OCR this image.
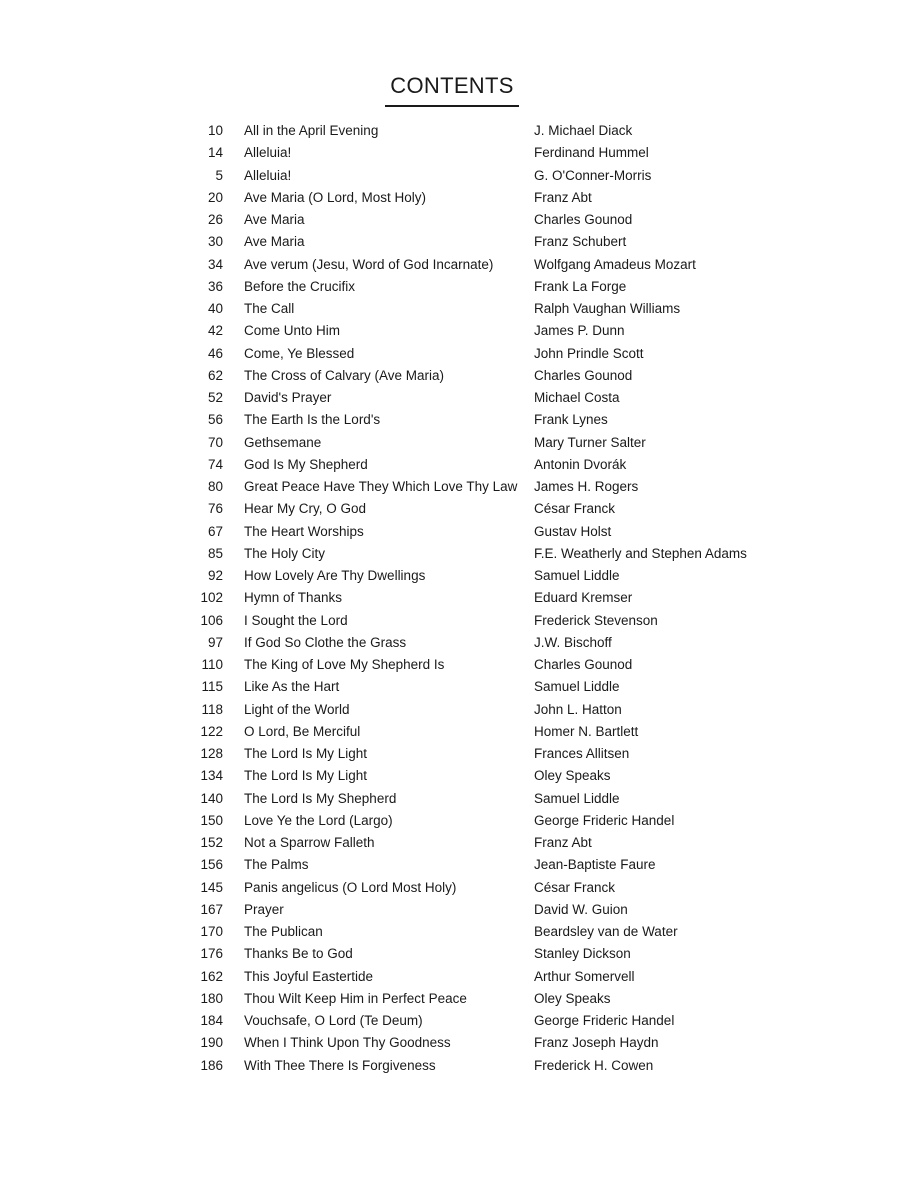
CONTENTS
10 All in the April Evening	J. Michael Diack
14 Alleluia!	Ferdinand Hummel
5 Alleluia!	G. O'Conner-Morris
20 Ave Maria (O Lord, Most Holy)	Franz Abt
26 Ave Maria	Charles Gounod
30 Ave Maria	Franz Schubert
34 Ave verum (Jesu, Word of God Incarnate)	Wolfgang Amadeus Mozart
36 Before the Crucifix	Frank La Forge
40 The Call	Ralph Vaughan Williams
42 Come Unto Him	James P. Dunn
46 Come, Ye Blessed	John Prindle Scott
62 The Cross of Calvary (Ave Maria)	Charles Gounod
52 David's Prayer	Michael Costa
56 The Earth Is the Lord's	Frank Lynes
70 Gethsemane	Mary Turner Salter
74 God Is My Shepherd	Antonin Dvorák
80 Great Peace Have They Which Love Thy Law	James H. Rogers
76 Hear My Cry, O God	César Franck
67 The Heart Worships	Gustav Holst
85 The Holy City	F.E. Weatherly and Stephen Adams
92 How Lovely Are Thy Dwellings	Samuel Liddle
102 Hymn of Thanks	Eduard Kremser
106 I Sought the Lord	Frederick Stevenson
97 If God So Clothe the Grass	J.W. Bischoff
110 The King of Love My Shepherd Is	Charles Gounod
115 Like As the Hart	Samuel Liddle
118 Light of the World	John L. Hatton
122 O Lord, Be Merciful	Homer N. Bartlett
128 The Lord Is My Light	Frances Allitsen
134 The Lord Is My Light	Oley Speaks
140 The Lord Is My Shepherd	Samuel Liddle
150 Love Ye the Lord (Largo)	George Frideric Handel
152 Not a Sparrow Falleth	Franz Abt
156 The Palms	Jean-Baptiste Faure
145 Panis angelicus (O Lord Most Holy)	César Franck
167 Prayer	David W. Guion
170 The Publican	Beardsley van de Water
176 Thanks Be to God	Stanley Dickson
162 This Joyful Eastertide	Arthur Somervell
180 Thou Wilt Keep Him in Perfect Peace	Oley Speaks
184 Vouchsafe, O Lord (Te Deum)	George Frideric Handel
190 When I Think Upon Thy Goodness	Franz Joseph Haydn
186 With Thee There Is Forgiveness	Frederick H. Cowen
